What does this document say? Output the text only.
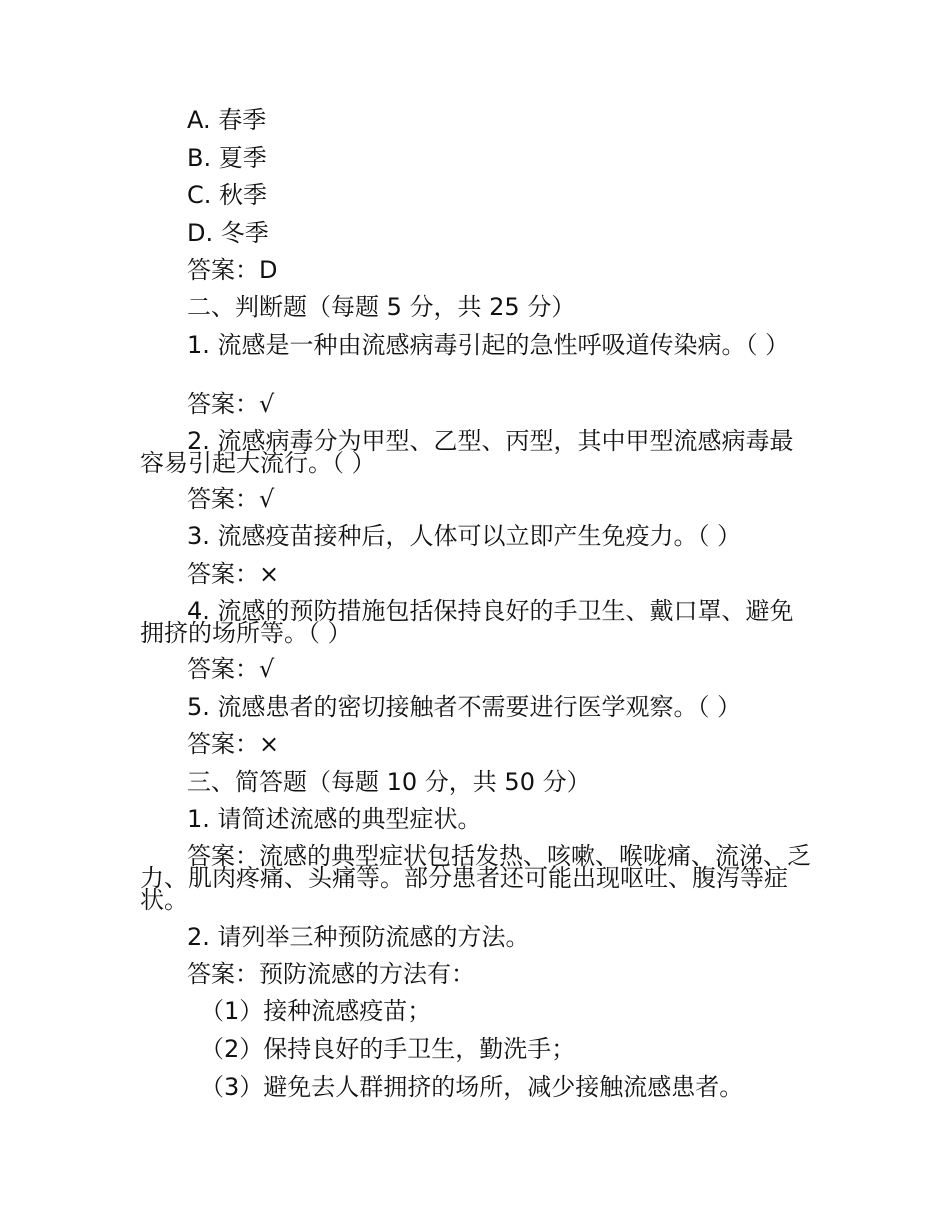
A. 春季
B. 夏季
C. 秋季
D. 冬季
答案：D
二、判断题（每题 5 分，共 25 分）
1. 流感是一种由流感病毒引起的急性呼吸道传染病。（ ）
答案：√
2. 流感病毒分为甲型、乙型、丙型，其中甲型流感病毒最容易引起大流行。（ ）
答案：√
3. 流感疫苗接种后，人体可以立即产生免疫力。（ ）
答案：×
4. 流感的预防措施包括保持良好的手卫生、戴口罩、避免拥挤的场所等。（ ）
答案：√
5. 流感患者的密切接触者不需要进行医学观察。（ ）
答案：×
三、简答题（每题 10 分，共 50 分）
1. 请简述流感的典型症状。
答案：流感的典型症状包括发热、咳嗽、喉咙痛、流涕、乏力、肌肉疼痛、头痛等。部分患者还可能出现呕吐、腹泻等症状。
2. 请列举三种预防流感的方法。
答案：预防流感的方法有：
（1）接种流感疫苗；
（2）保持良好的手卫生，勤洗手；
（3）避免去人群拥挤的场所，减少接触流感患者。
